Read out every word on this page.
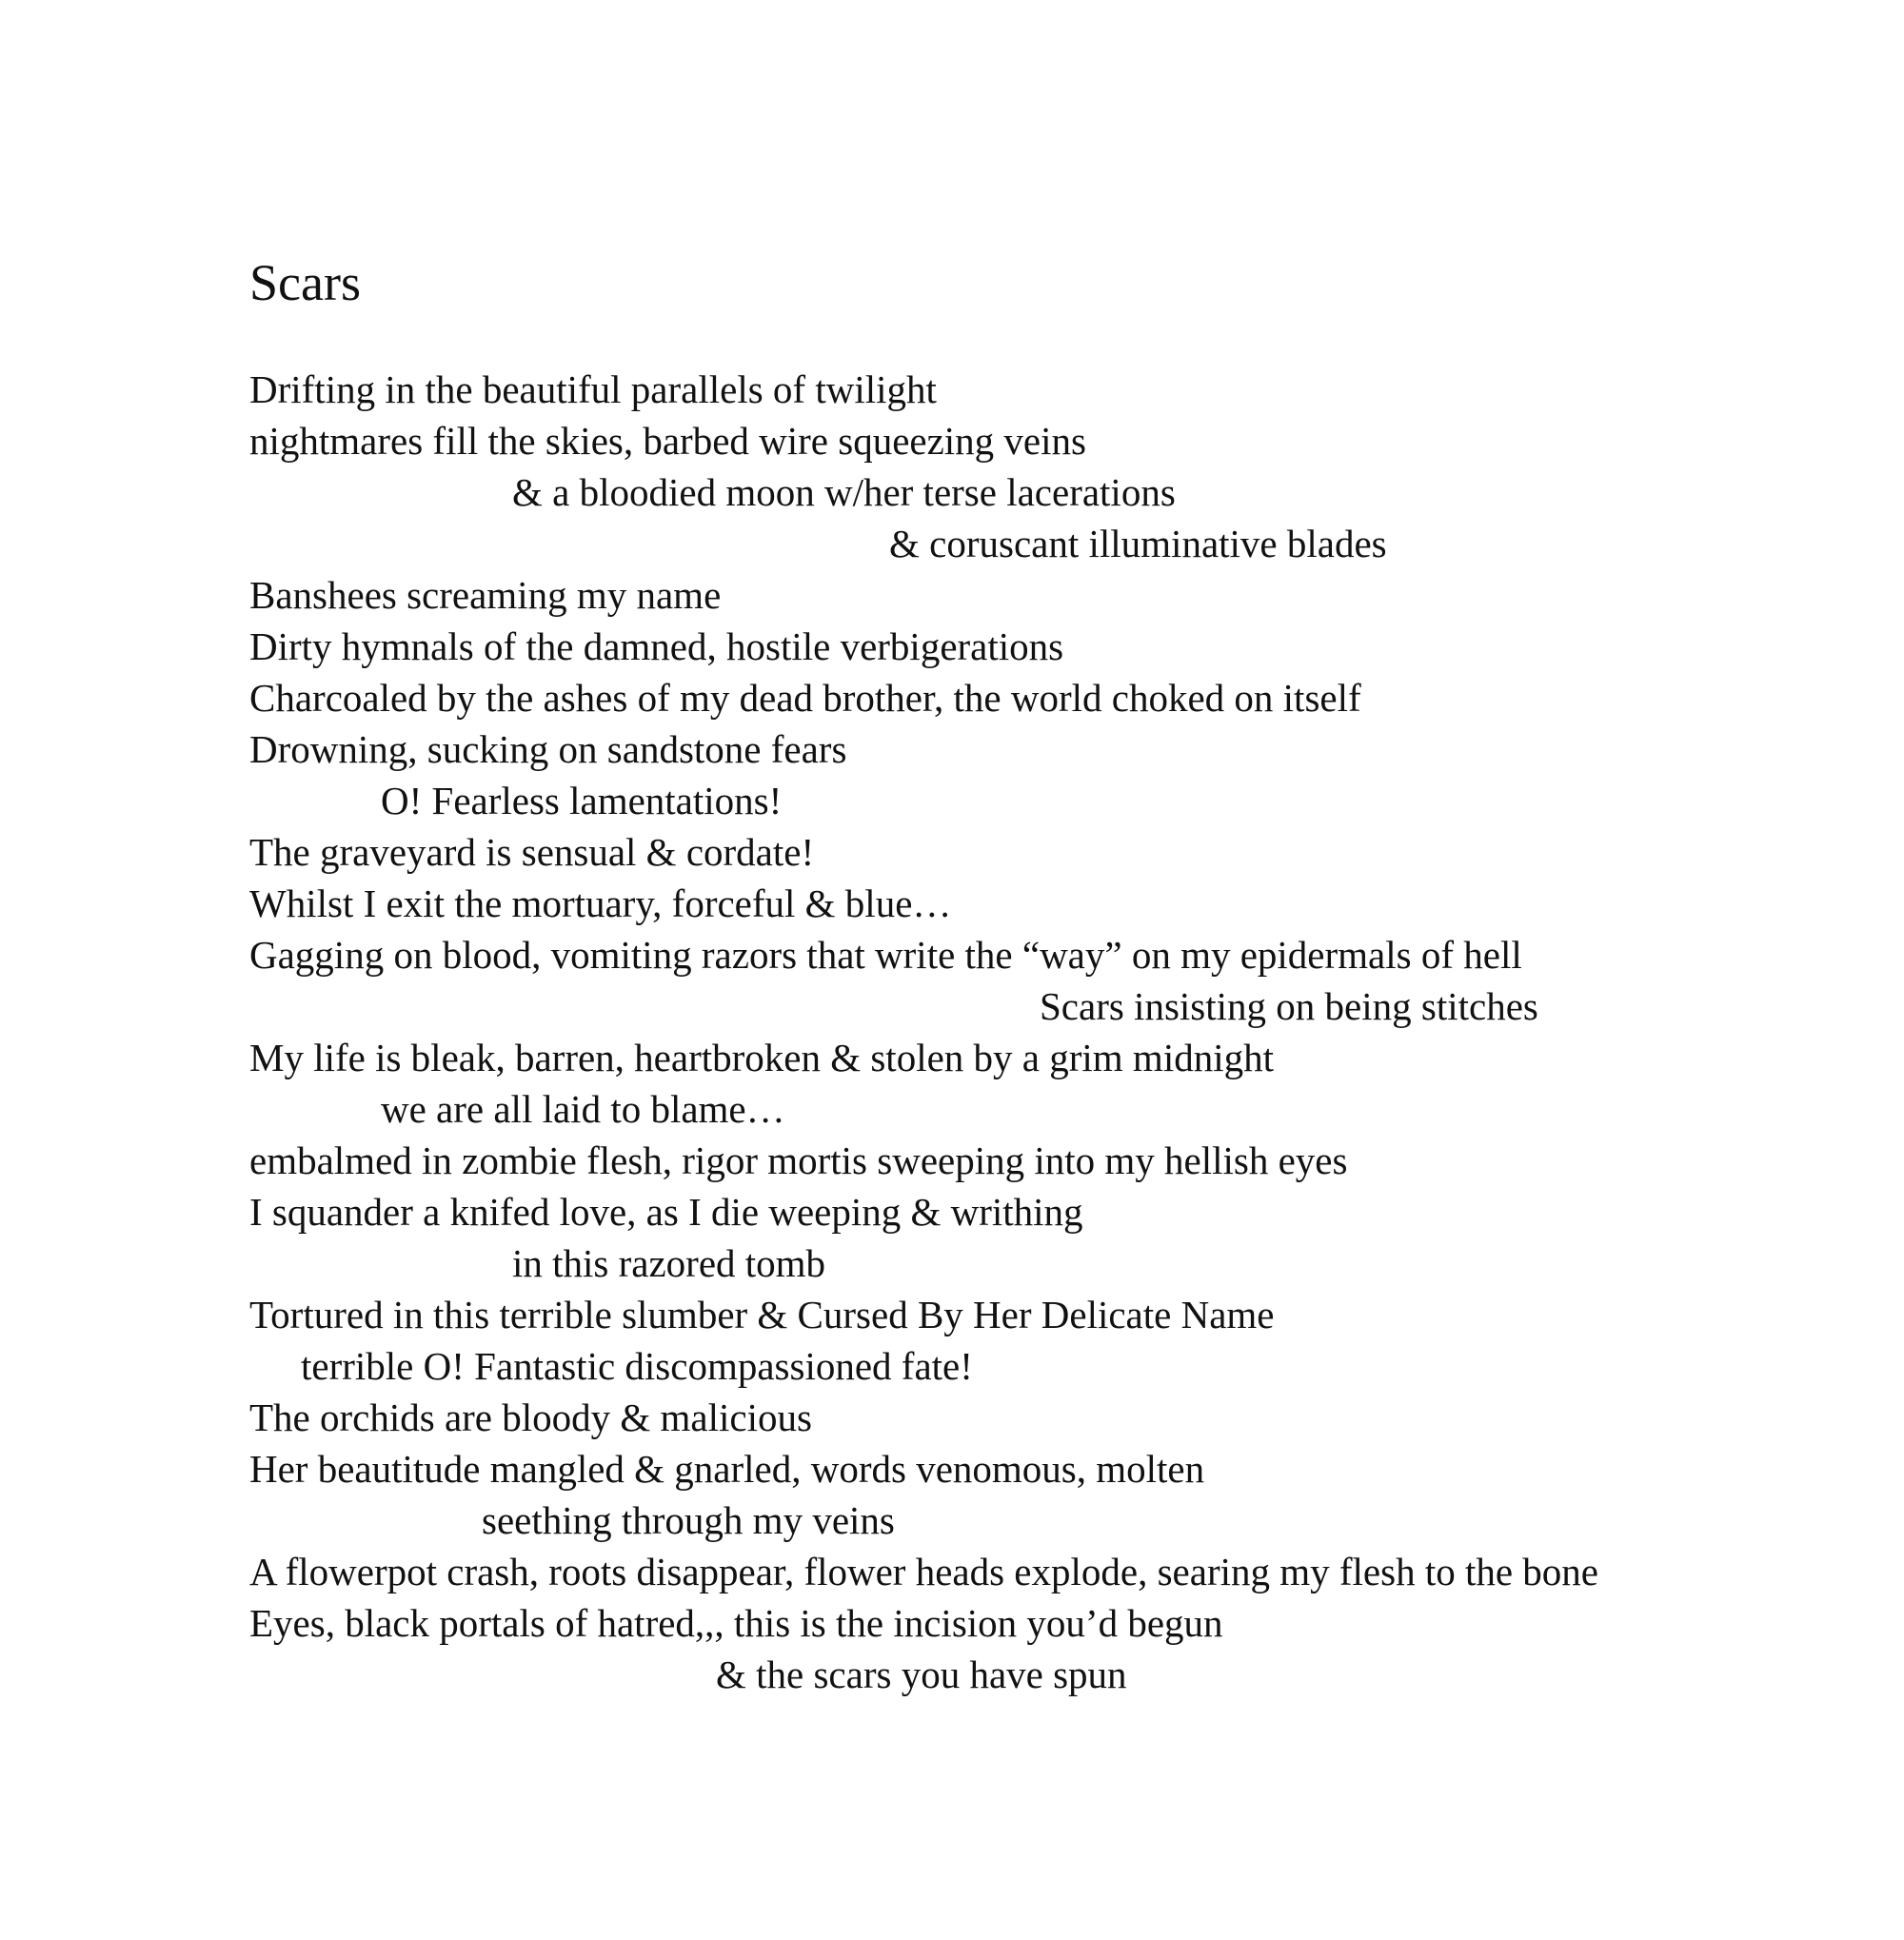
Scars
Drifting in the beautiful parallels of twilight
nightmares fill the skies, barbed wire squeezing veins
& a bloodied moon w/her terse lacerations
& coruscant illuminative blades
Banshees screaming my name
Dirty hymnals of the damned, hostile verbigerations
Charcoaled by the ashes of my dead brother, the world choked on itself
Drowning, sucking on sandstone fears
O! Fearless lamentations!
The graveyard is sensual & cordate!
Whilst I exit the mortuary, forceful & blue…
Gagging on blood, vomiting razors that write the “way” on my epidermals of hell
Scars insisting on being stitches
My life is bleak, barren, heartbroken & stolen by a grim midnight
we are all laid to blame…
embalmed in zombie flesh, rigor mortis sweeping into my hellish eyes
I squander a knifed love, as I die weeping & writhing
in this razored tomb
Tortured in this terrible slumber & Cursed By Her Delicate Name
terrible O! Fantastic discompassioned fate!
The orchids are bloody & malicious
Her beautitude mangled & gnarled, words venomous, molten
seething through my veins
A flowerpot crash, roots disappear, flower heads explode, searing my flesh to the bone
Eyes, black portals of hatred,,, this is the incision you’d begun
& the scars you have spun
